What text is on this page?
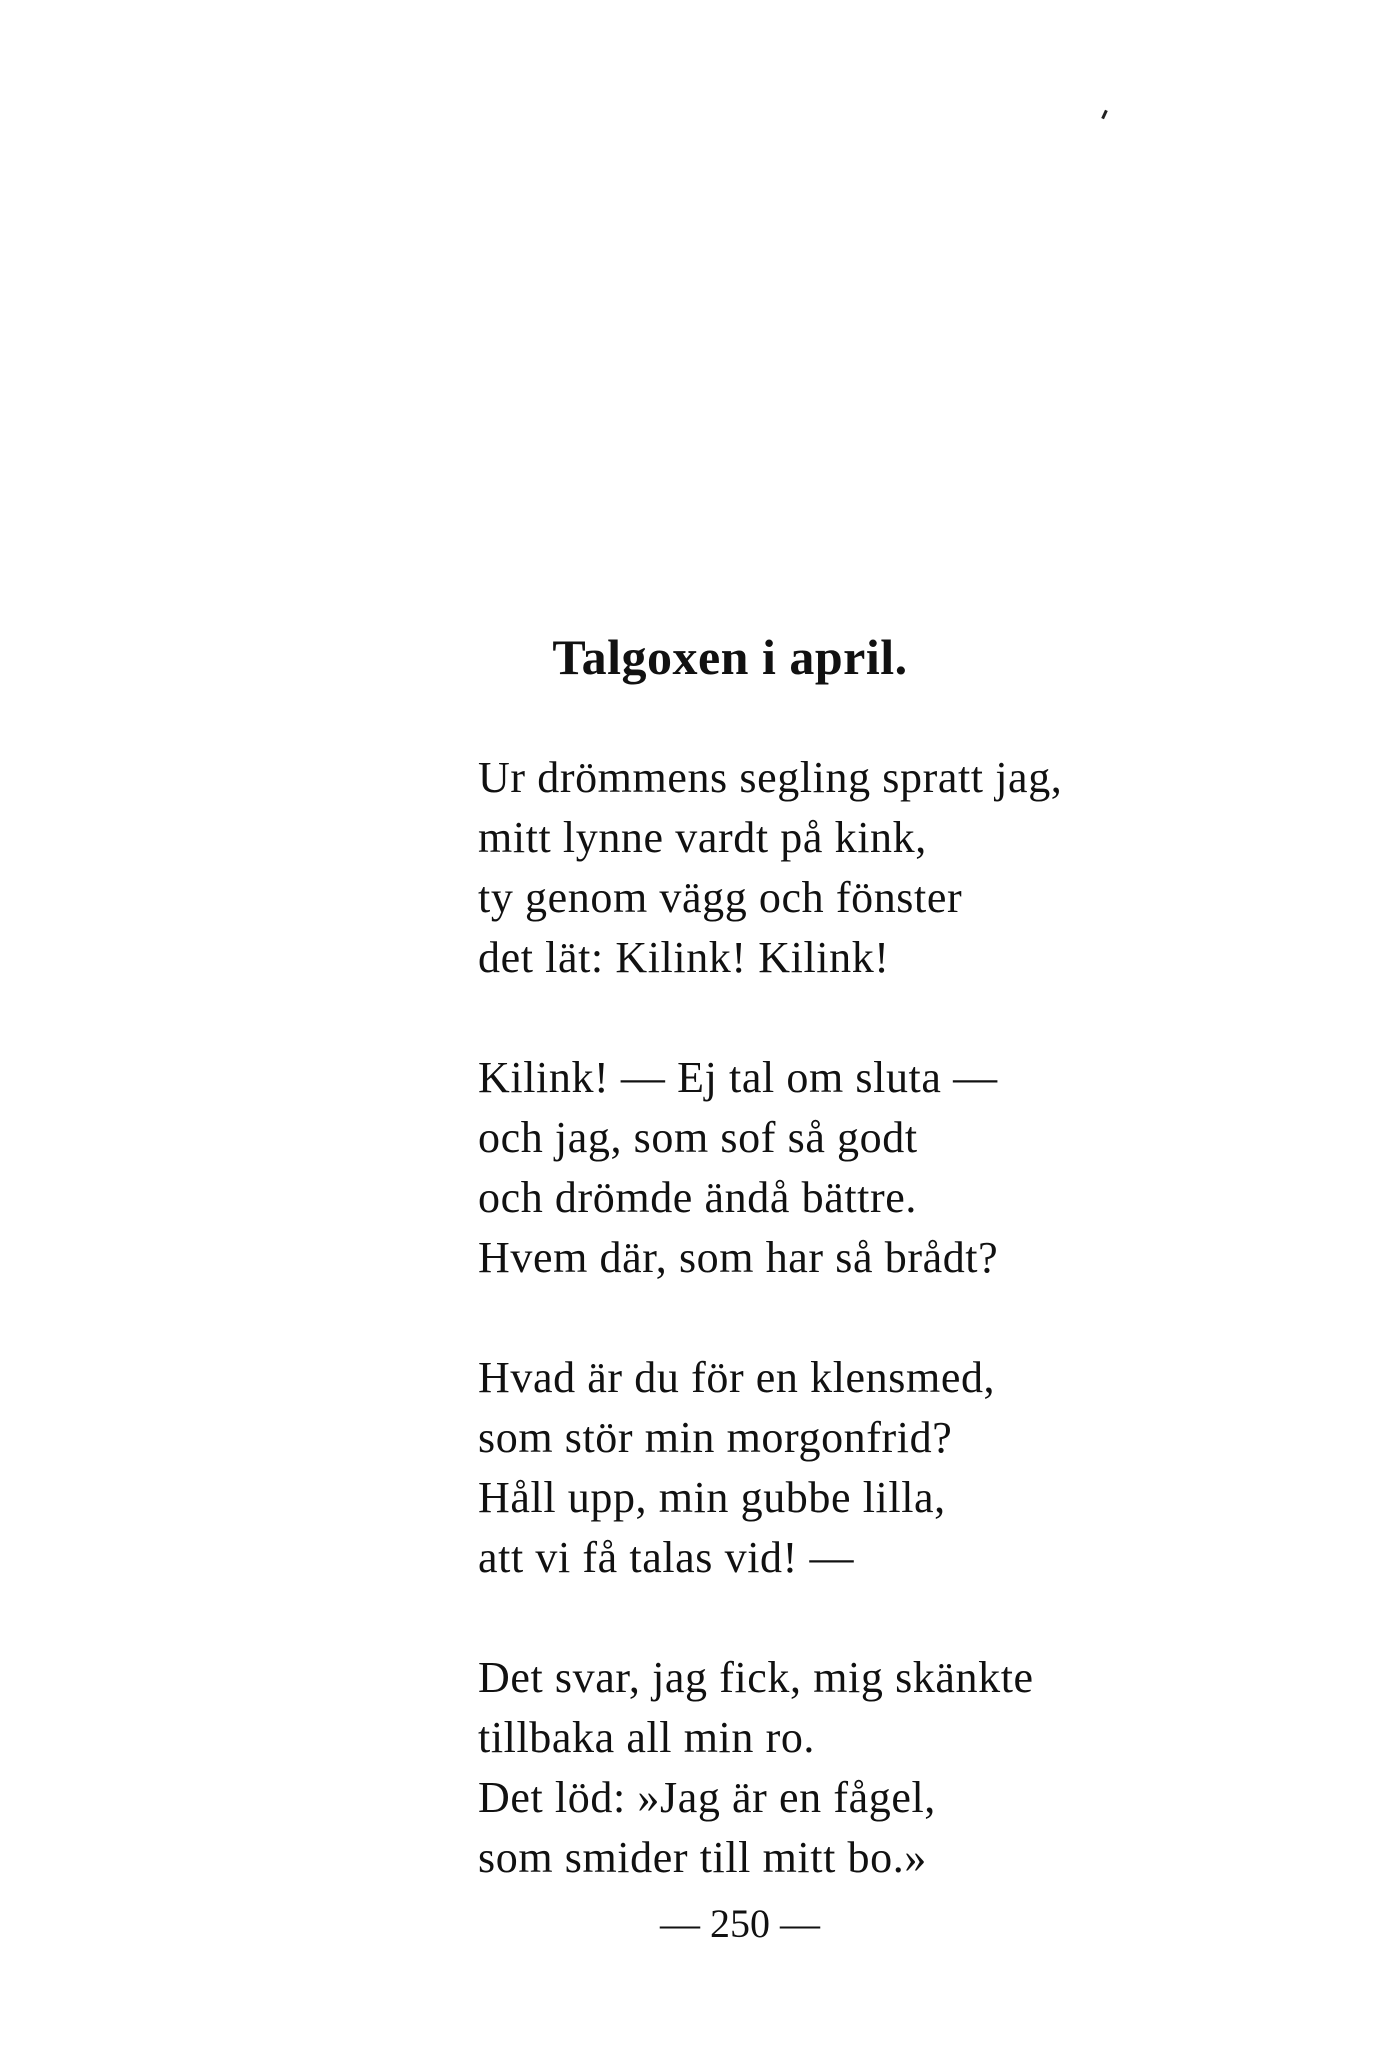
Talgoxen i april.
Ur drömmens segling spratt jag,
mitt lynne vardt på kink,
ty genom vägg och fönster
det lät: Kilink! Kilink!
Kilink! — Ej tal om sluta —
och jag, som sof så godt
och drömde ändå bättre.
Hvem där, som har så brådt?
Hvad är du för en klensmed,
som stör min morgonfrid?
Håll upp, min gubbe lilla,
att vi få talas vid! —
Det svar, jag fick, mig skänkte
tillbaka all min ro.
Det löd: »Jag är en fågel,
som smider till mitt bo.»
— 250 —
